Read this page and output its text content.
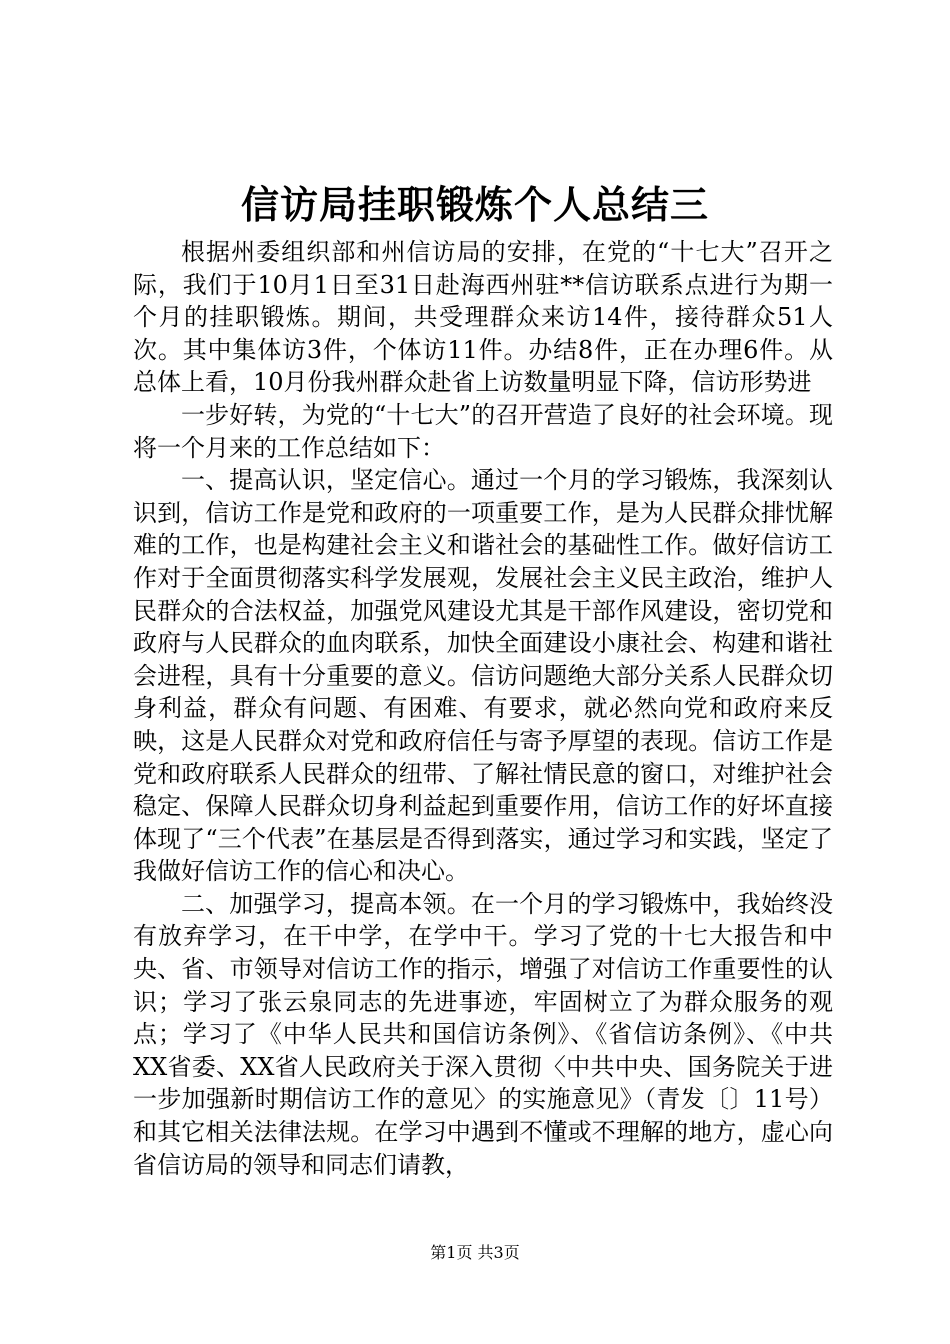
信访局挂职锻炼个人总结三

根据州委组织部和州信访局的安排，在党的“十七大”召开之际，我们于10月1日至31日赴海西州驻**信访联系点进行为期一个月的挂职锻炼。期间，共受理群众来访14件，接待群众51人次。其中集体访3件，个体访11件。办结8件，正在办理6件。从总体上看，10月份我州群众赴省上访数量明显下降，信访形势进

一步好转，为党的“十七大”的召开营造了良好的社会环境。现将一个月来的工作总结如下：

一、提高认识，坚定信心。通过一个月的学习锻炼，我深刻认识到，信访工作是党和政府的一项重要工作，是为人民群众排忧解难的工作，也是构建社会主义和谐社会的基础性工作。做好信访工作对于全面贯彻落实科学发展观，发展社会主义民主政治，维护人民群众的合法权益，加强党风建设尤其是干部作风建设，密切党和政府与人民群众的血肉联系，加快全面建设小康社会、构建和谐社会进程，具有十分重要的意义。信访问题绝大部分关系人民群众切身利益，群众有问题、有困难、有要求，就必然向党和政府来反映，这是人民群众对党和政府信任与寄予厚望的表现。信访工作是党和政府联系人民群众的纽带、了解社情民意的窗口，对维护社会稳定、保障人民群众切身利益起到重要作用，信访工作的好坏直接体现了“三个代表”在基层是否得到落实，通过学习和实践，坚定了我做好信访工作的信心和决心。

二、加强学习，提高本领。在一个月的学习锻炼中，我始终没有放弃学习，在干中学，在学中干。学习了党的十七大报告和中央、省、市领导对信访工作的指示，增强了对信访工作重要性的认识；学习了张云泉同志的先进事迹，牢固树立了为群众服务的观点；学习了《中华人民共和国信访条例》、《省信访条例》、《中共XX省委、XX省人民政府关于深入贯彻〈中共中央、国务院关于进一步加强新时期信访工作的意见〉的实施意见》（青发〔〕11号）和其它相关法律法规。在学习中遇到不懂或不理解的地方，虚心向省信访局的领导和同志们请教，

第1页 共3页
